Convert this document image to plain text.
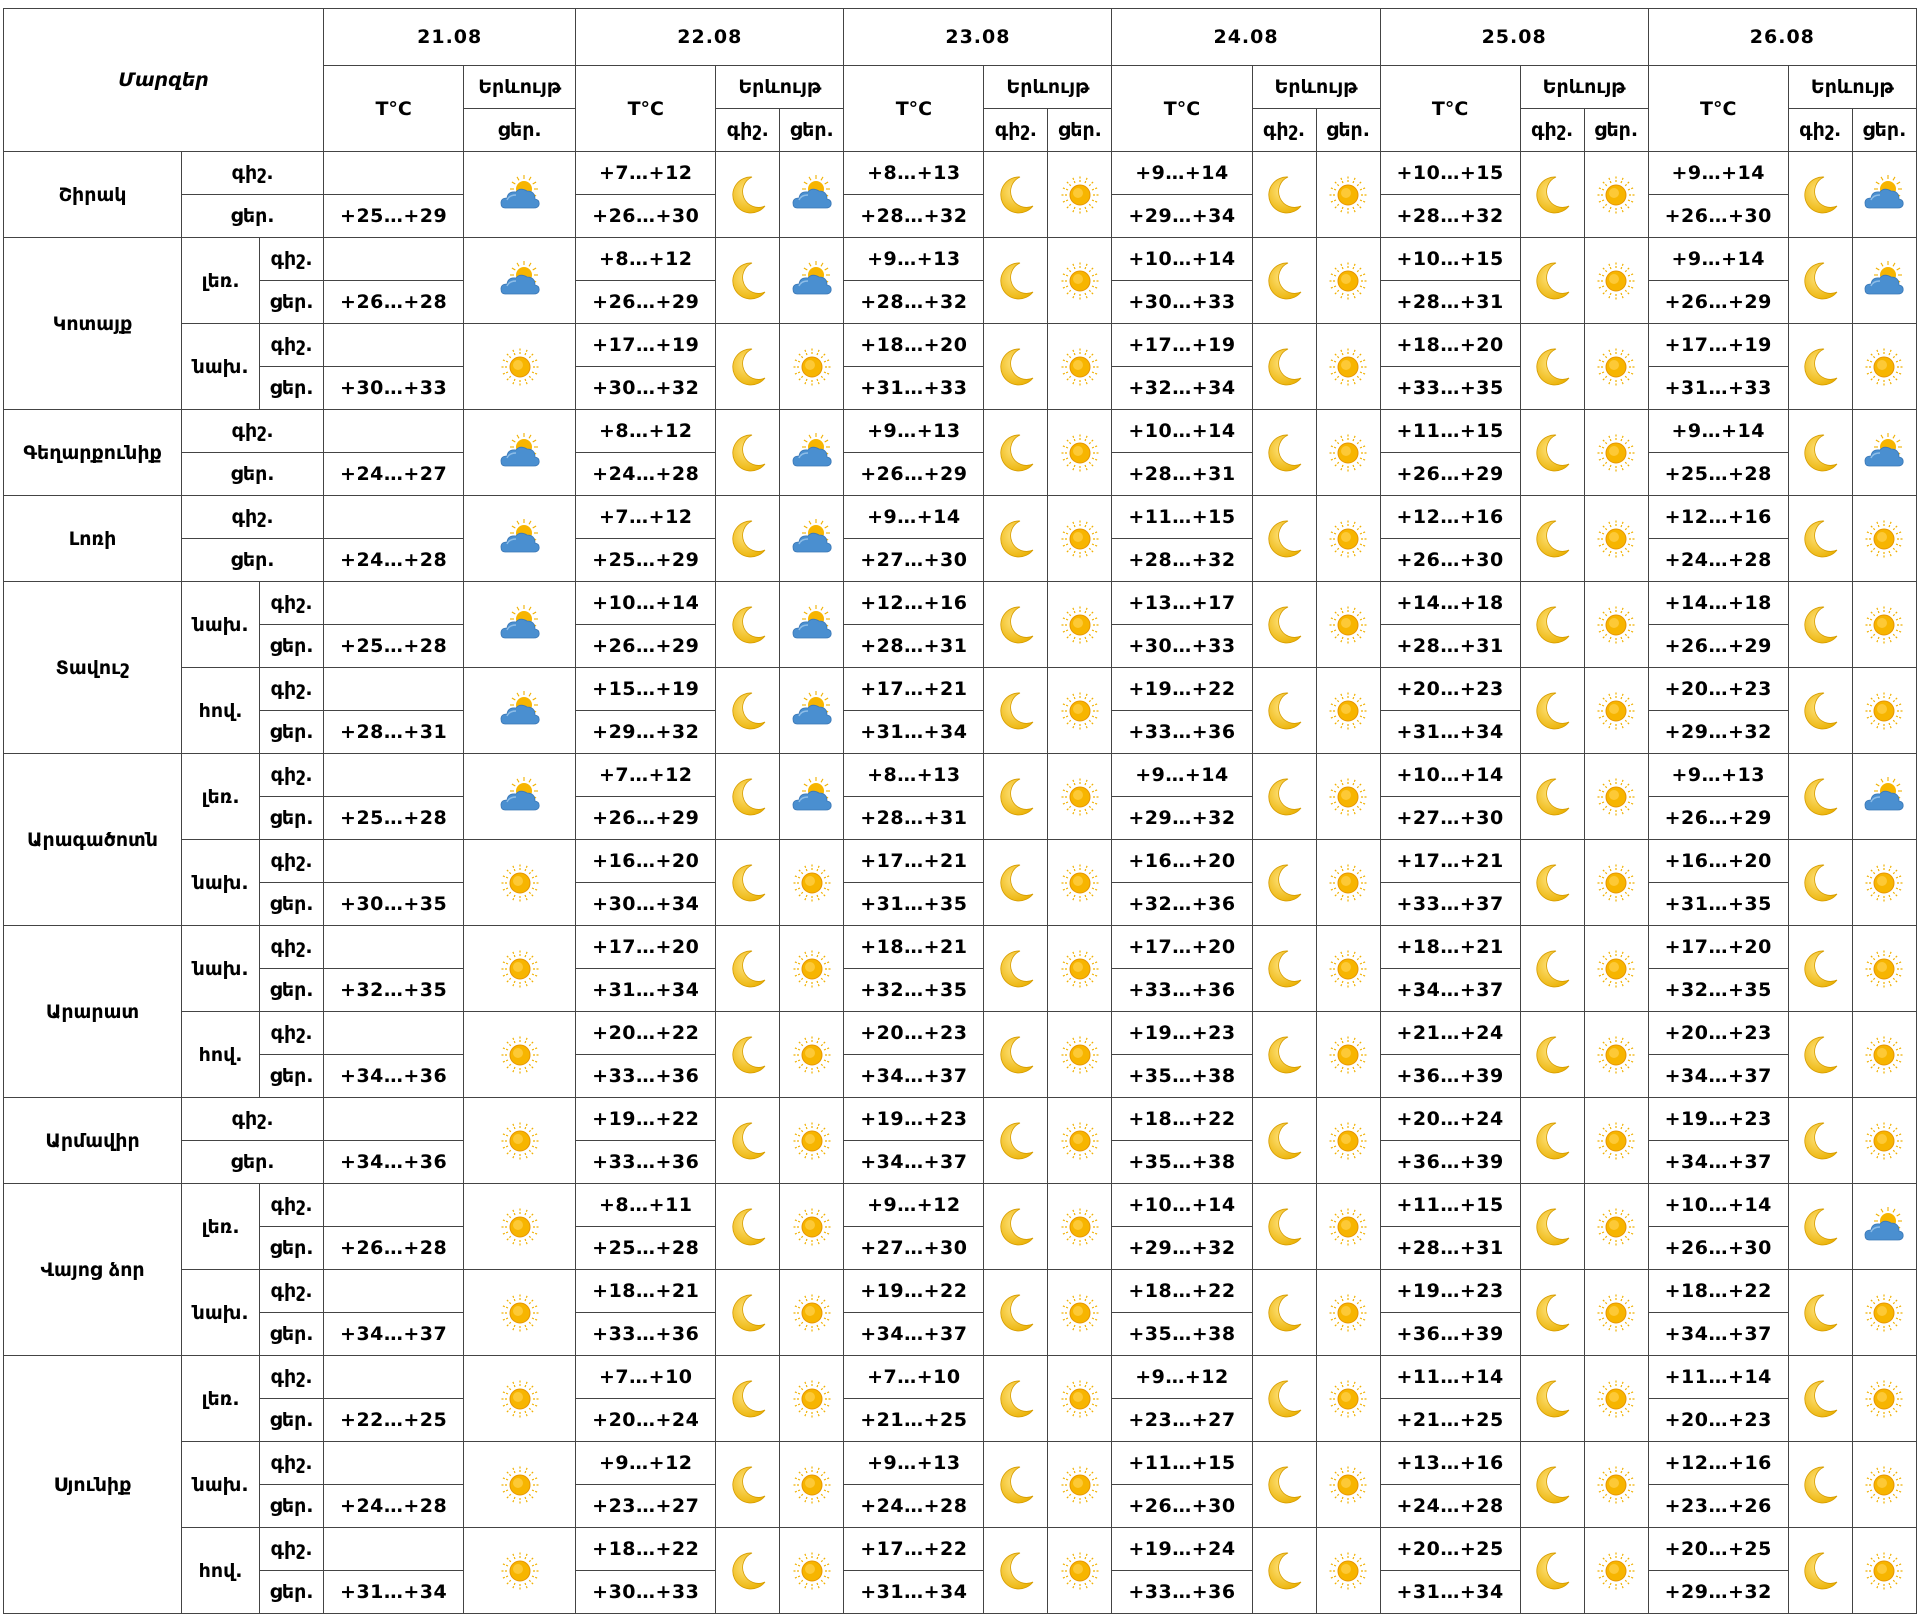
Մարզեր			21.08		22.08			23.08			24.08			25.08			26.08		
			T°C	Երևույթ	T°C	Երևույթ		T°C	Երևույթ		T°C	Երևույթ		T°C	Երևույթ		T°C	Երևույթ	
				ցեր.		գիշ.	ցեր.		գիշ.	ցեր.		գիշ.	ցեր.		գիշ.	ցեր.		գիշ.	ցեր.
Շիրակ	գիշ.				+7…+12			+8…+13			+9…+14			+10…+15			+9…+14	

	ցեր.		+25…+29		+26…+30			+28…+32			+29…+34			+28…+32			+26…+30		
Կոտայք	լեռ.	գիշ.			+8…+12			+9…+13			+10…+14			+10…+15			+9…+14	

		ցեր.	+26…+28		+26…+29			+28…+32			+30…+33			+28…+31			+26…+29		
	նախ.	գիշ.			+17…+19			+18…+20			+17…+19			+18…+20			+17…+19	

		ցեր.	+30…+33		+30…+32			+31…+33			+32…+34			+33…+35			+31…+33		
Գեղարքունիք	գիշ.				+8…+12			+9…+13			+10…+14			+11…+15			+9…+14	

	ցեր.		+24…+27		+24…+28			+26…+29			+28…+31			+26…+29			+25…+28		
Լոռի	գիշ.				+7…+12			+9…+14			+11…+15			+12…+16			+12…+16	

	ցեր.		+24…+28		+25…+29			+27…+30			+28…+32			+26…+30			+24…+28		
Տավուշ	նախ.	գիշ.			+10…+14			+12…+16			+13…+17			+14…+18			+14…+18	

		ցեր.	+25…+28		+26…+29			+28…+31			+30…+33			+28…+31			+26…+29		
	հով.	գիշ.			+15…+19			+17…+21			+19…+22			+20…+23			+20…+23	

		ցեր.	+28…+31		+29…+32			+31…+34			+33…+36			+31…+34			+29…+32		
Արագածոտն	լեռ.	գիշ.			+7…+12			+8…+13			+9…+14			+10…+14			+9…+13	

		ցեր.	+25…+28		+26…+29			+28…+31			+29…+32			+27…+30			+26…+29		
	նախ.	գիշ.			+16…+20			+17…+21			+16…+20			+17…+21			+16…+20	

		ցեր.	+30…+35		+30…+34			+31…+35			+32…+36			+33…+37			+31…+35		
Արարատ	նախ.	գիշ.			+17…+20			+18…+21			+17…+20			+18…+21			+17…+20	

		ցեր.	+32…+35		+31…+34			+32…+35			+33…+36			+34…+37			+32…+35		
	հով.	գիշ.			+20…+22			+20…+23			+19…+23			+21…+24			+20…+23	

		ցեր.	+34…+36		+33…+36			+34…+37			+35…+38			+36…+39			+34…+37		
Արմավիր	գիշ.				+19…+22			+19…+23			+18…+22			+20…+24			+19…+23	

	ցեր.		+34…+36		+33…+36			+34…+37			+35…+38			+36…+39			+34…+37		
Վայոց ձոր	լեռ.	գիշ.			+8…+11			+9…+12			+10…+14			+11…+15			+10…+14	

		ցեր.	+26…+28		+25…+28			+27…+30			+29…+32			+28…+31			+26…+30		
	նախ.	գիշ.			+18…+21			+19…+22			+18…+22			+19…+23			+18…+22	

		ցեր.	+34…+37		+33…+36			+34…+37			+35…+38			+36…+39			+34…+37		
Սյունիք	լեռ.	գիշ.			+7…+10			+7…+10			+9…+12			+11…+14			+11…+14	

		ցեր.	+22…+25		+20…+24			+21…+25			+23…+27			+21…+25			+20…+23		
	նախ.	գիշ.			+9…+12			+9…+13			+11…+15			+13…+16			+12…+16	

		ցեր.	+24…+28		+23…+27			+24…+28			+26…+30			+24…+28			+23…+26		
	հով.	գիշ.			+18…+22			+17…+22			+19…+24			+20…+25			+20…+25	

		ցեր.	+31…+34		+30…+33			+31…+34			+33…+36			+31…+34			+29…+32		
